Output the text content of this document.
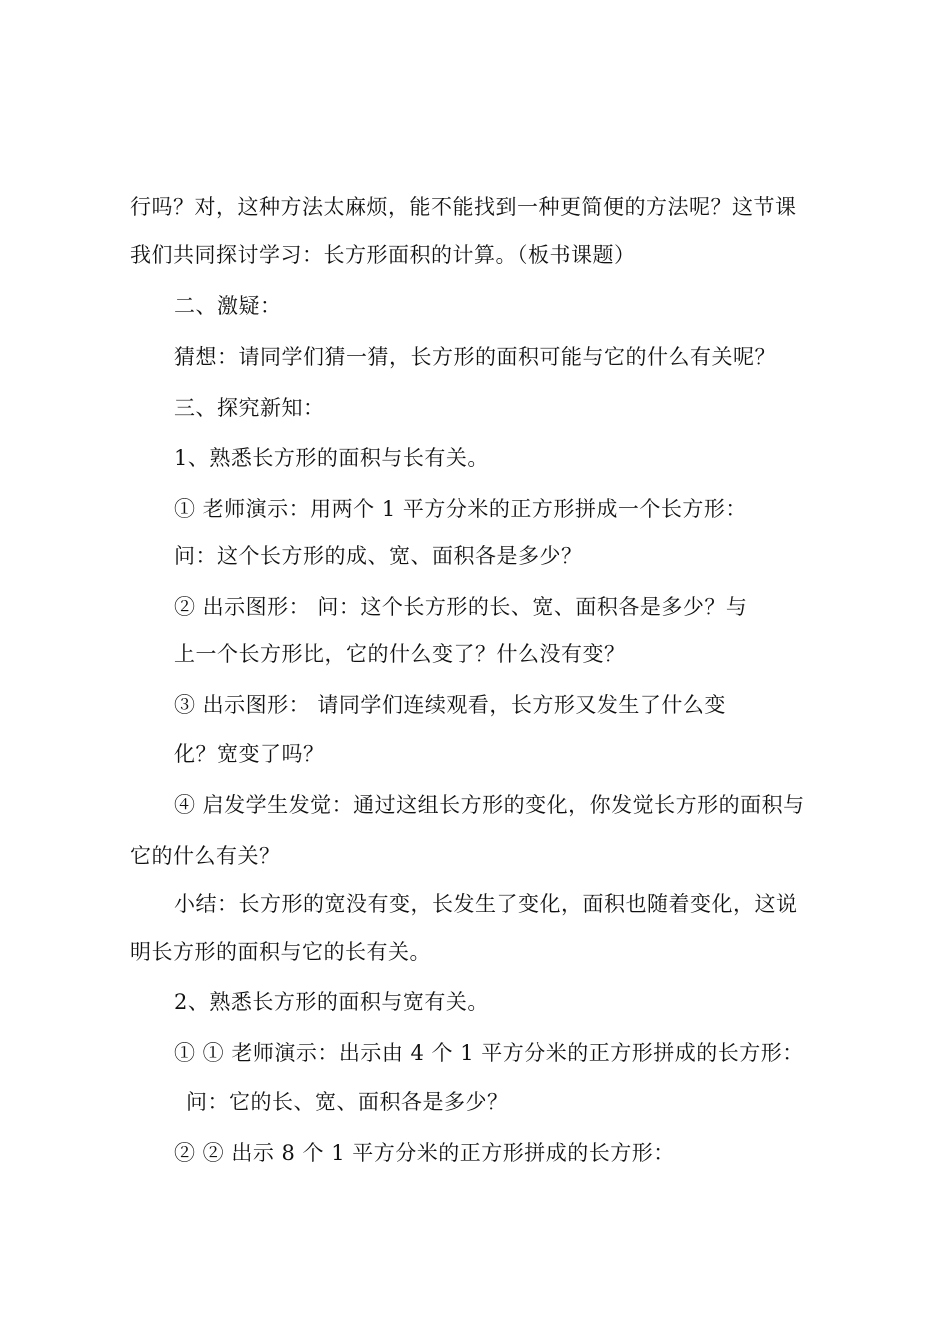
行吗？对，这种方法太麻烦，能不能找到一种更简便的方法呢？这节课
我们共同探讨学习：长方形面积的计算。（板书课题）
二、激疑：
猜想：请同学们猜一猜，长方形的面积可能与它的什么有关呢？
三、探究新知：
1、熟悉长方形的面积与长有关。
① 老师演示：用两个 1 平方分米的正方形拼成一个长方形：
问：这个长方形的成、宽、面积各是多少？
② 出示图形： 问：这个长方形的长、宽、面积各是多少？与
上一个长方形比，它的什么变了？什么没有变？
③ 出示图形： 请同学们连续观看，长方形又发生了什么变
化？宽变了吗？
④ 启发学生发觉：通过这组长方形的变化，你发觉长方形的面积与
它的什么有关？
小结：长方形的宽没有变，长发生了变化，面积也随着变化，这说
明长方形的面积与它的长有关。
2、熟悉长方形的面积与宽有关。
① ① 老师演示：出示由 4 个 1 平方分米的正方形拼成的长方形：
问：它的长、宽、面积各是多少？
② ② 出示 8 个 1 平方分米的正方形拼成的长方形：
